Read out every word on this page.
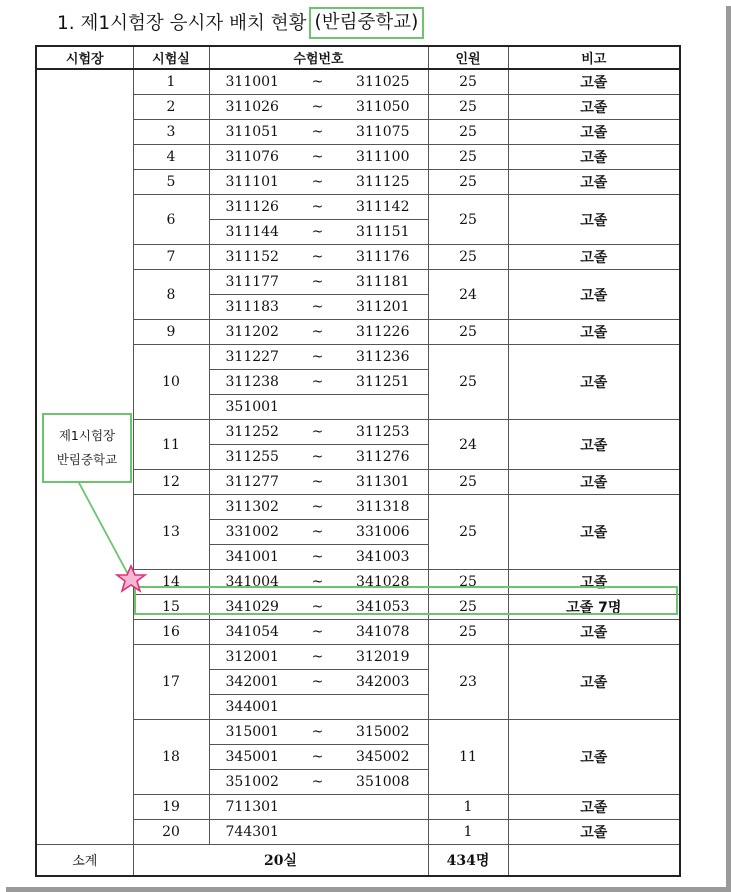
1. 제1시험장 응시자 배치 현황 (반림중학교)
시험장	시험실	수험번호	인원	비고
	1	311001 ~ 311025	25	고졸
	2	311026 ~ 311050	25	고졸
	3	311051 ~ 311075	25	고졸
	4	311076 ~ 311100	25	고졸
	5	311101 ~ 311125	25	고졸
	6	311126 ~ 311142	25	고졸

		311144 ~ 311151		

	7	311152 ~ 311176	25	고졸
	8	311177 ~ 311181	24	고졸

		311183 ~ 311201		

	9	311202 ~ 311226	25	고졸
	10	311227 ~ 311236	25	고졸

		311238 ~ 311251		

		351001		

	11	311252 ~ 311253	24	고졸

		311255 ~ 311276		

	12	311277 ~ 311301	25	고졸
	13	311302 ~ 311318	25	고졸

		331002 ~ 331006		

		341001 ~ 341003		

	14	341004 ~ 341028	25	고졸
	15	341029 ~ 341053	25	고졸 7명
	16	341054 ~ 341078	25	고졸
	17	312001 ~ 312019	23	고졸

		342001 ~ 342003		

		344001		

	18	315001 ~ 315002	11	고졸

		345001 ~ 345002		

		351002 ~ 351008		

	19	711301	1	고졸
	20	744301	1	고졸
소계	20실		434명	
제1시험장
반림중학교
